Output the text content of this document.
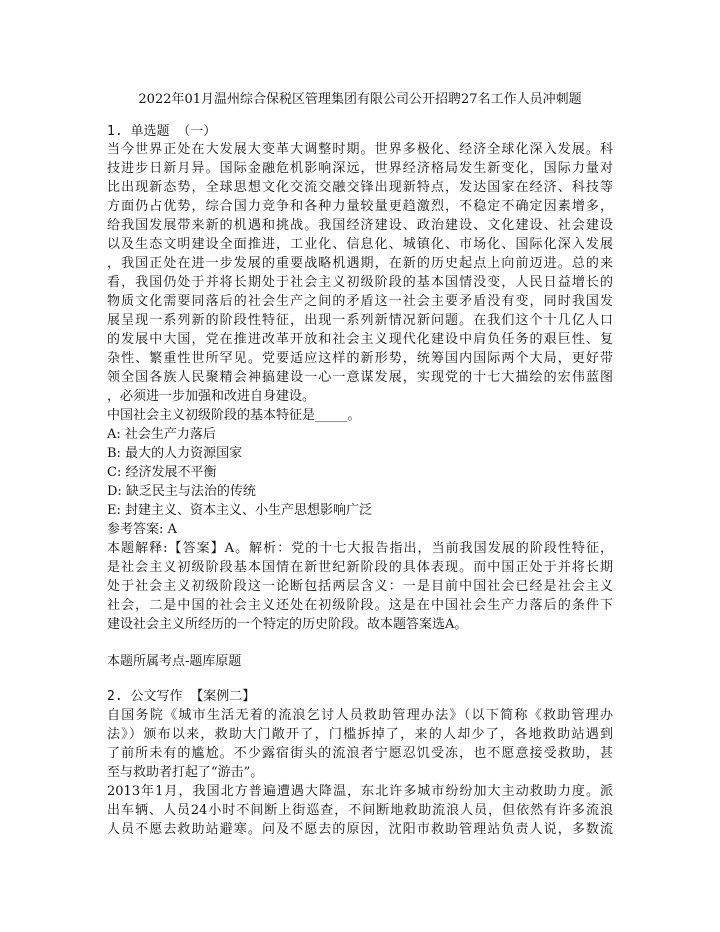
2022年01月温州综合保税区管理集团有限公司公开招聘27名工作人员冲刺题
1. 单选题 （一）
当今世界正处在大发展大变革大调整时期。世界多极化、经济全球化深入发展。科
技进步日新月异。国际金融危机影响深远，世界经济格局发生新变化，国际力量对
比出现新态势，全球思想文化交流交融交锋出现新特点，发达国家在经济、科技等
方面仍占优势，综合国力竞争和各种力量较量更趋激烈，不稳定不确定因素增多，
给我国发展带来新的机遇和挑战。我国经济建设、政治建设、文化建设、社会建设
以及生态文明建设全面推进，工业化、信息化、城镇化、市场化、国际化深入发展
，我国正处在进一步发展的重要战略机遇期，在新的历史起点上向前迈进。总的来
看，我国仍处于并将长期处于社会主义初级阶段的基本国情没变，人民日益增长的
物质文化需要同落后的社会生产之间的矛盾这一社会主要矛盾没有变，同时我国发
展呈现一系列新的阶段性特征，出现一系列新情况新问题。在我们这个十几亿人口
的发展中大国，党在推进改革开放和社会主义现代化建设中肩负任务的艰巨性、复
杂性、繁重性世所罕见。党要适应这样的新形势，统筹国内国际两个大局，更好带
领全国各族人民聚精会神搞建设一心一意谋发展，实现党的十七大描绘的宏伟蓝图
，必须进一步加强和改进自身建设。
中国社会主义初级阶段的基本特征是_____。
A: 社会生产力落后
B: 最大的人力资源国家
C: 经济发展不平衡
D: 缺乏民主与法治的传统
E: 封建主义、资本主义、小生产思想影响广泛
参考答案: A
本题解释:【答案】A。解析：党的十七大报告指出，当前我国发展的阶段性特征，
是社会主义初级阶段基本国情在新世纪新阶段的具体表现。而中国正处于并将长期
处于社会主义初级阶段这一论断包括两层含义：一是目前中国社会已经是社会主义
社会，二是中国的社会主义还处在初级阶段。这是在中国社会生产力落后的条件下
建设社会主义所经历的一个特定的历史阶段。故本题答案选A。
本题所属考点-题库原题
2. 公文写作 【案例二】
自国务院《城市生活无着的流浪乞讨人员救助管理办法》（以下简称《救助管理办
法》）颁布以来，救助大门敞开了，门槛拆掉了，来的人却少了，各地救助站遇到
了前所未有的尴尬。不少露宿街头的流浪者宁愿忍饥受冻，也不愿意接受救助，甚
至与救助者打起了“游击”。
2013年1月，我国北方普遍遭遇大降温，东北许多城市纷纷加大主动救助力度。派
出车辆、人员24小时不间断上街巡查，不间断地救助流浪人员，但依然有许多流浪
人员不愿去救助站避寒。问及不愿去的原因，沈阳市救助管理站负责人说，多数流
